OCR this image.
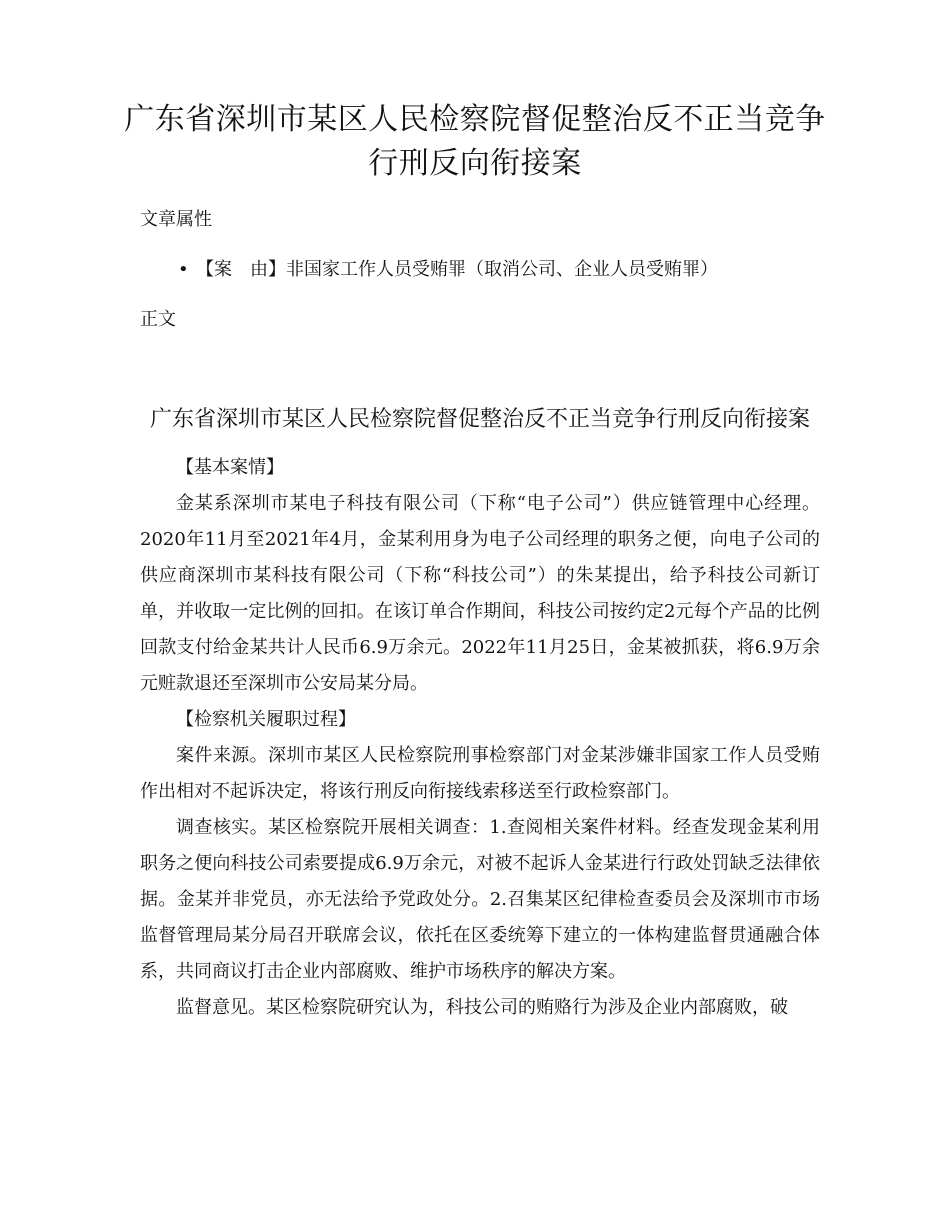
广东省深圳市某区人民检察院督促整治反不正当竞争
行刑反向衔接案
文章属性
• 【案　由】非国家工作人员受贿罪（取消公司、企业人员受贿罪）
正文
广东省深圳市某区人民检察院督促整治反不正当竞争行刑反向衔接案
【基本案情】

金某系深圳市某电子科技有限公司（下称“电子公司”）供应链管理中心经理。2020年11月至2021年4月，金某利用身为电子公司经理的职务之便，向电子公司的供应商深圳市某科技有限公司（下称“科技公司”）的朱某提出，给予科技公司新订单，并收取一定比例的回扣。在该订单合作期间，科技公司按约定2元每个产品的比例回款支付给金某共计人民币6.9万余元。2022年11月25日，金某被抓获，将6.9万余元赃款退还至深圳市公安局某分局。

【检察机关履职过程】

案件来源。深圳市某区人民检察院刑事检察部门对金某涉嫌非国家工作人员受贿作出相对不起诉决定，将该行刑反向衔接线索移送至行政检察部门。

调查核实。某区检察院开展相关调查：1.查阅相关案件材料。经查发现金某利用职务之便向科技公司索要提成6.9万余元，对被不起诉人金某进行行政处罚缺乏法律依据。金某并非党员，亦无法给予党政处分。2.召集某区纪律检查委员会及深圳市市场监督管理局某分局召开联席会议，依托在区委统筹下建立的一体构建监督贯通融合体系，共同商议打击企业内部腐败、维护市场秩序的解决方案。

监督意见。某区检察院研究认为，科技公司的贿赂行为涉及企业内部腐败，破
